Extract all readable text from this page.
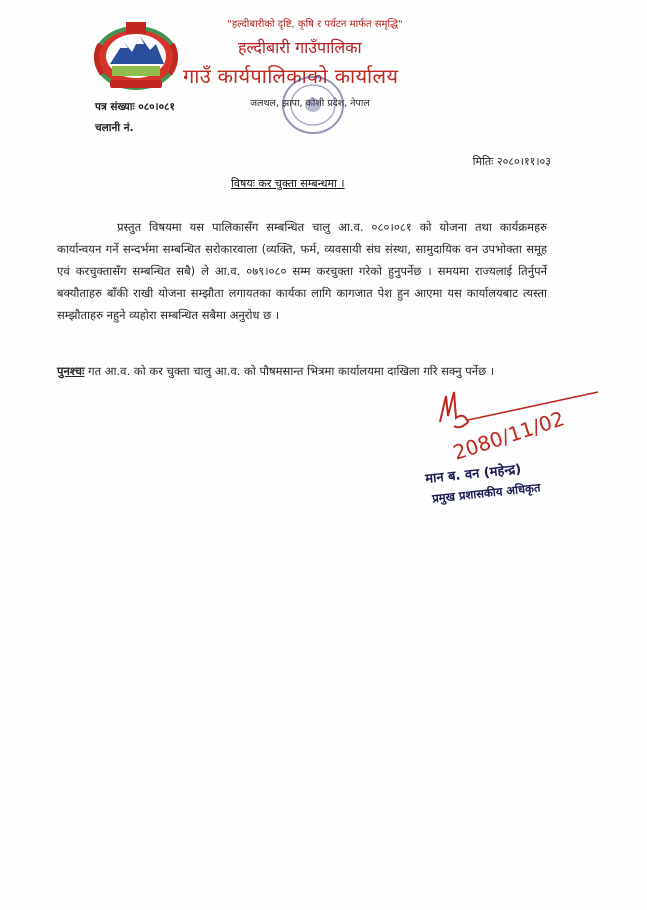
"हल्दीबारीको दृष्टि, कृषि र पर्यटन मार्फत समृद्धि"
हल्दीबारी गाउँपालिका
गाउँ कार्यपालिकाको कार्यालय
जलथल, झापा, कोशी प्रदेश, नेपाल
पत्र संख्याः ०८०।०८१
चलानी नं.
मितिः २०८०।११।०३
विषयः कर चुक्ता सम्बन्धमा ।
प्रस्तुत विषयमा यस पालिकासँग सम्बन्धित चालु आ.व. ०८०।०८१ को योजना तथा कार्यक्रमहरु कार्यान्वयन गर्ने सन्दर्भमा सम्बन्धित सरोकारवाला (व्यक्ति, फर्म, व्यवसायी संघ संस्था, सामुदायिक वन उपभोक्ता समूह एवं करचुक्तासँग सम्बन्धित सबै) ले आ.व. ०७९।०८० सम्म करचुक्ता गरेको हुनुपर्नेछ । समयमा राज्यलाई तिर्नुपर्ने बक्यौताहरु बाँकी राखी योजना सम्झौता लगायतका कार्यका लागि कागजात पेश हुन आएमा यस कार्यालयबाट त्यस्ता सम्झौताहरु नहुने व्यहोरा सम्बन्धित सबैमा अनुरोध छ ।
पुनश्चः गत आ.व. को कर चुक्ता चालु आ.व. को पौषमसान्त भित्रमा कार्यालयमा दाखिला गरि सक्नु पर्नेछ ।
2080/11/02
मान ब. वन (महेन्द्र)
प्रमुख प्रशासकीय अधिकृत
